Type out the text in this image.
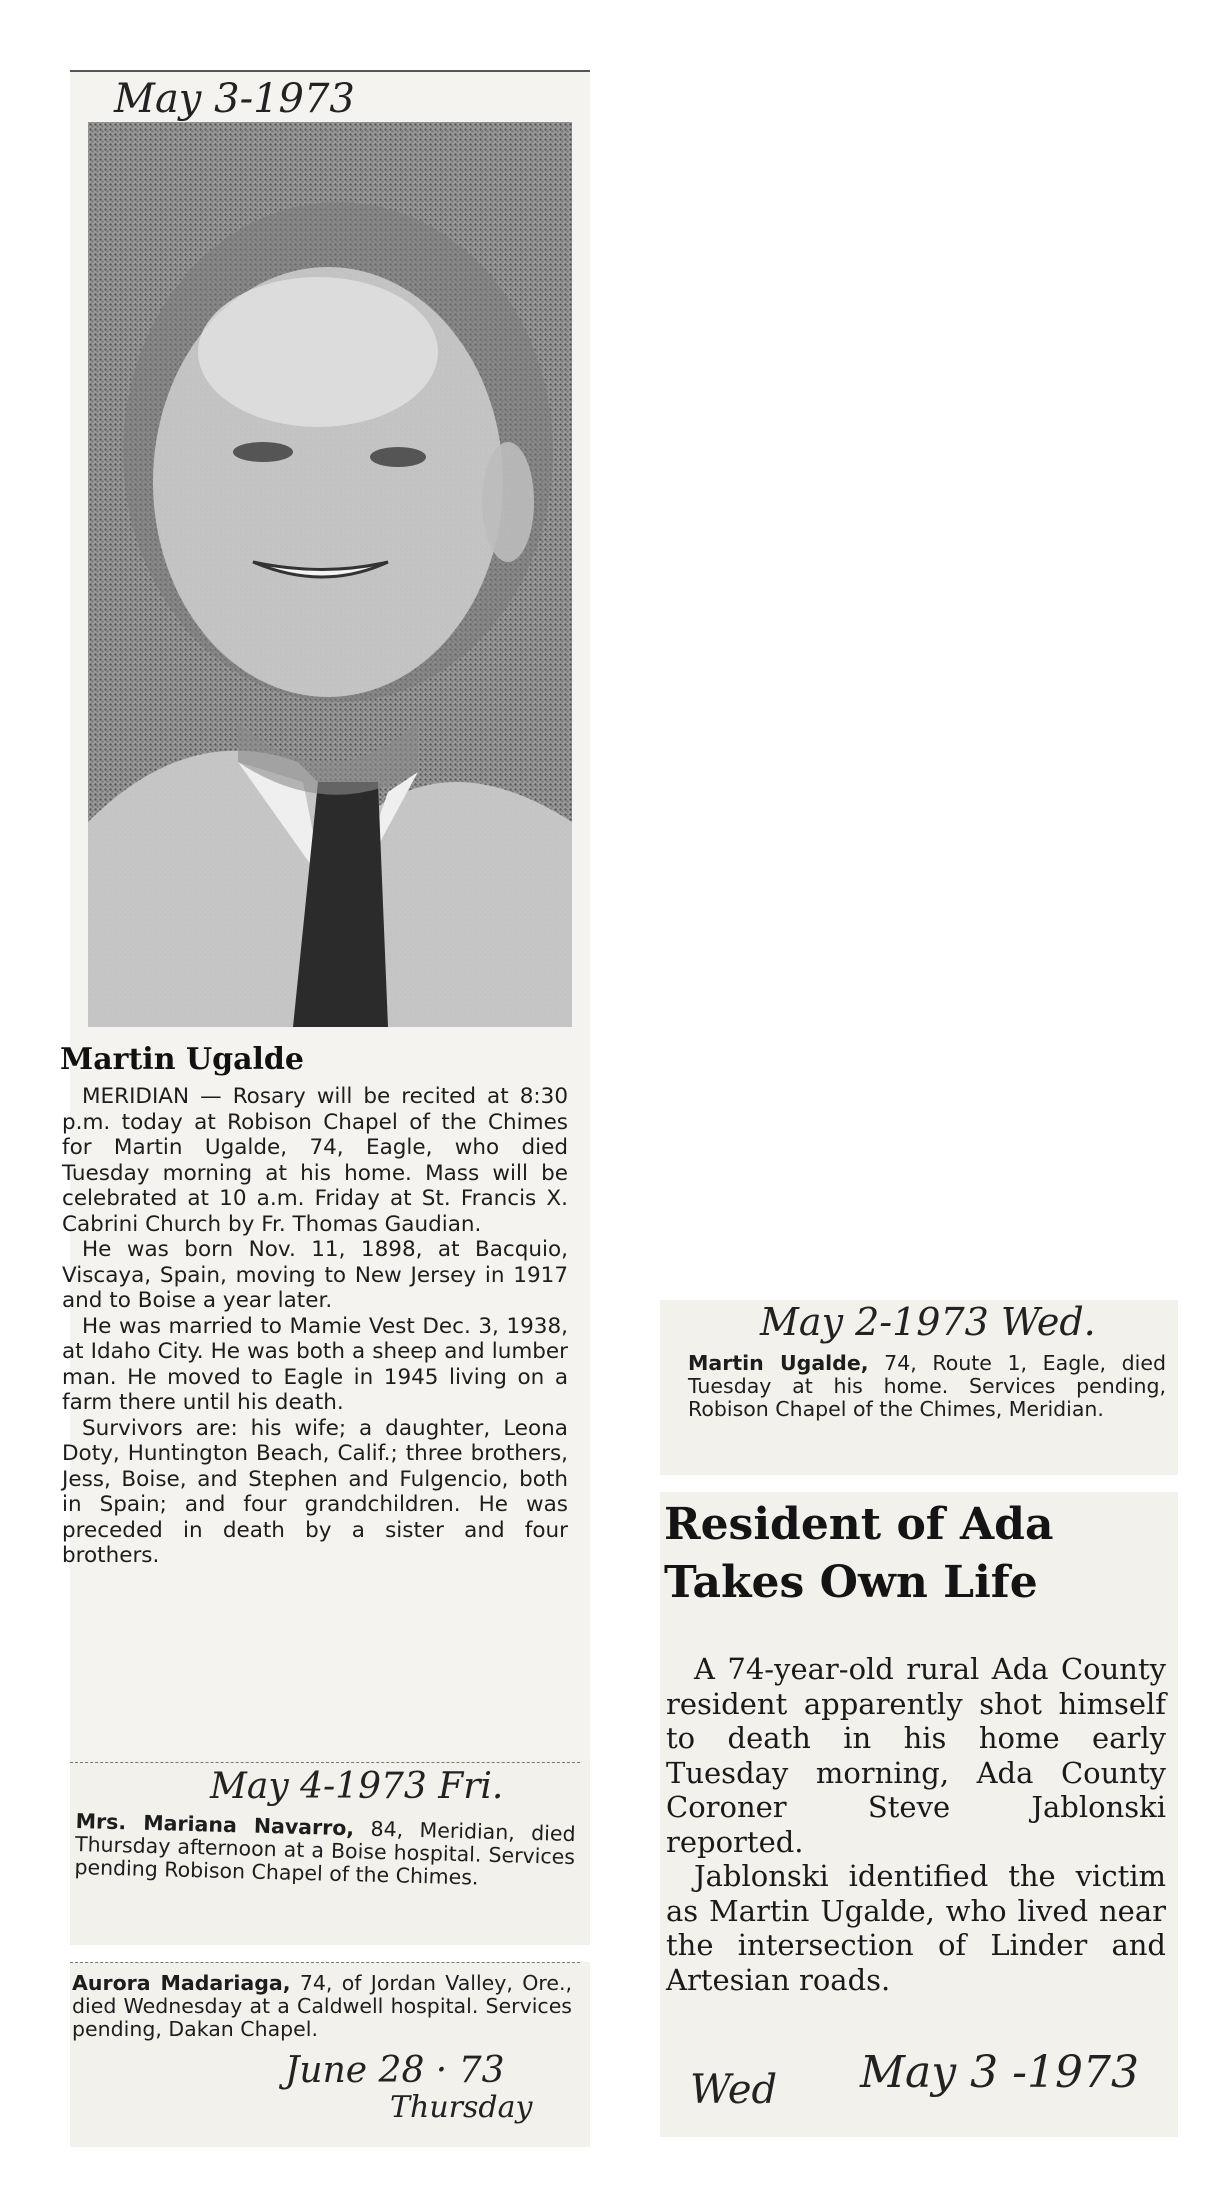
May 3-1973
Martin Ugalde

MERIDIAN — Rosary will be recited at 8:30 p.m. today at Robison Chapel of the Chimes for Martin Ugalde, 74, Eagle, who died Tuesday morning at his home. Mass will be celebrated at 10 a.m. Friday at St. Francis X. Cabrini Church by Fr. Thomas Gaudian.

He was born Nov. 11, 1898, at Bacquio, Viscaya, Spain, moving to New Jersey in 1917 and to Boise a year later.

He was married to Mamie Vest Dec. 3, 1938, at Idaho City. He was both a sheep and lumber man. He moved to Eagle in 1945 living on a farm there until his death.

Survivors are: his wife; a daughter, Leona Doty, Huntington Beach, Calif.; three brothers, Jess, Boise, and Stephen and Fulgencio, both in Spain; and four grandchildren. He was preceded in death by a sister and four brothers.

May 4-1973 Fri.
Mrs. Mariana Navarro, 84, Meridian, died Thursday afternoon at a Boise hospital. Services pending Robison Chapel of the Chimes.
Aurora Madariaga, 74, of Jordan Valley, Ore., died Wednesday at a Caldwell hospital. Services pending, Dakan Chapel.
June 28 · 73
Thursday
May 2-1973 Wed.
Martin Ugalde, 74, Route 1, Eagle, died Tuesday at his home. Services pending, Robison Chapel of the Chimes, Meridian.
Resident of Ada
Takes Own Life

A 74-year-old rural Ada County resident apparently shot himself to death in his home early Tuesday morning, Ada County Coroner Steve Jablonski reported.

Jablonski identified the victim as Martin Ugalde, who lived near the intersection of Linder and Artesian roads.

Wed May 3 -1973
